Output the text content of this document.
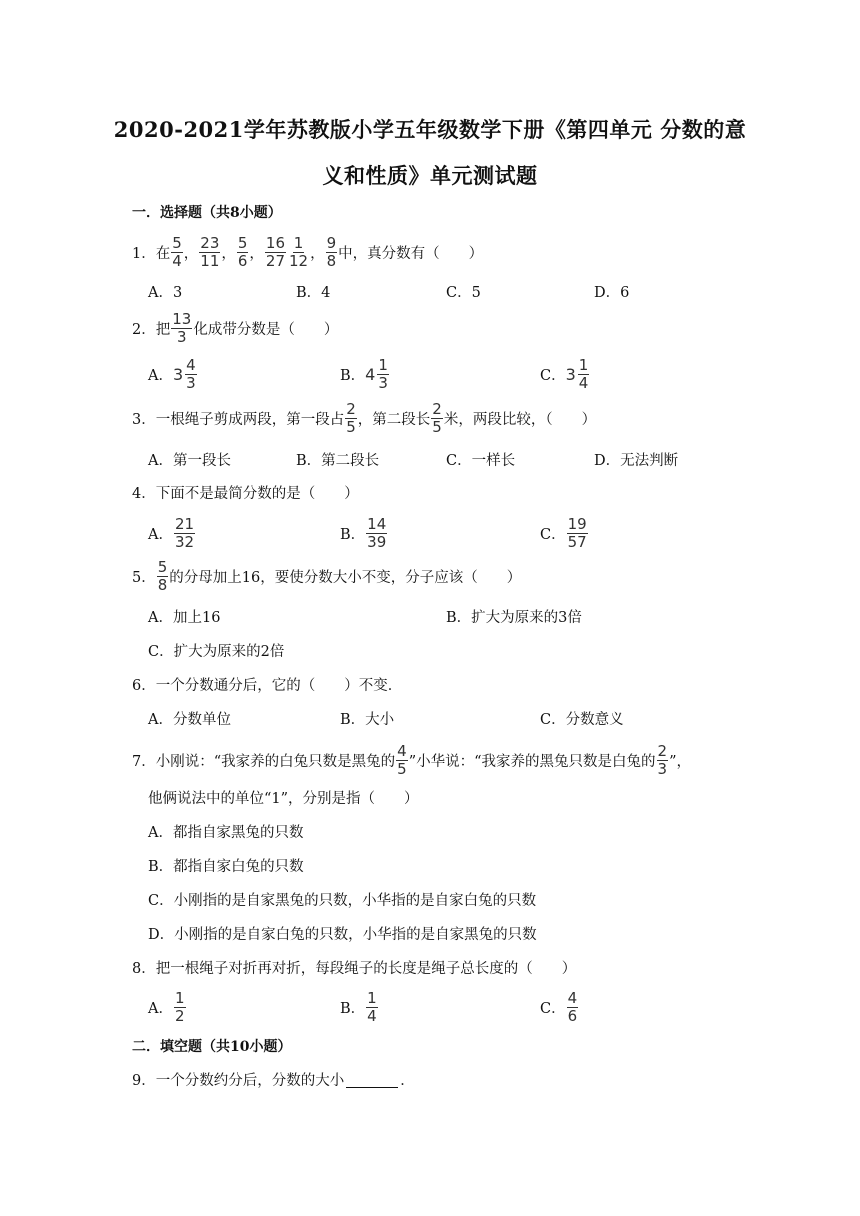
2020-2021学年苏教版小学五年级数学下册《第四单元 分数的意
义和性质》单元测试题
一．选择题（共8小题）
1．在 $\frac{5}{4}$ ， $\frac{23}{11}$ ， $\frac{5}{6}$ ， $\frac{16}{27} \frac{1}{12}$ ， $\frac{9}{8}$ 中，真分数有（　　）
A．3	B．4	C．5	D．6
2．把 $\frac{13}{3}$ 化成带分数是（　　）
A． $3 \frac{4}{3}$	B． $4 \frac{1}{3}$	C． $3 \frac{1}{4}$
3．一根绳子剪成两段，第一段占 $\frac{2}{5}$ ，第二段长 $\frac{2}{5}$ 米，两段比较，（　　）
A．第一段长	B．第二段长	C．一样长	D．无法判断
4．下面不是最简分数的是（　　）
A． $\frac{21}{32}$	B． $\frac{14}{39}$	C． $\frac{19}{57}$
5． $\frac{5}{8}$ 的分母加上16，要使分数大小不变，分子应该（　　）
A．加上16	B．扩大为原来的3倍
C．扩大为原来的2倍
6．一个分数通分后，它的（　　）不变．
A．分数单位	B．大小	C．分数意义
7．小刚说：“我家养的白兔只数是黑兔的 $\frac{4}{5}$ ”小华说：“我家养的黑兔只数是白兔的 $\frac{2}{3}$ ”，
他俩说法中的单位“1”，分别是指（　　）
A．都指自家黑兔的只数
B．都指自家白兔的只数
C．小刚指的是自家黑兔的只数，小华指的是自家白兔的只数
D．小刚指的是自家白兔的只数，小华指的是自家黑兔的只数
8．把一根绳子对折再对折，每段绳子的长度是绳子总长度的（　　）
A． $\frac{1}{2}$	B． $\frac{1}{4}$	C． $\frac{4}{6}$
二．填空题（共10小题）
9．一个分数约分后，分数的大小	．
